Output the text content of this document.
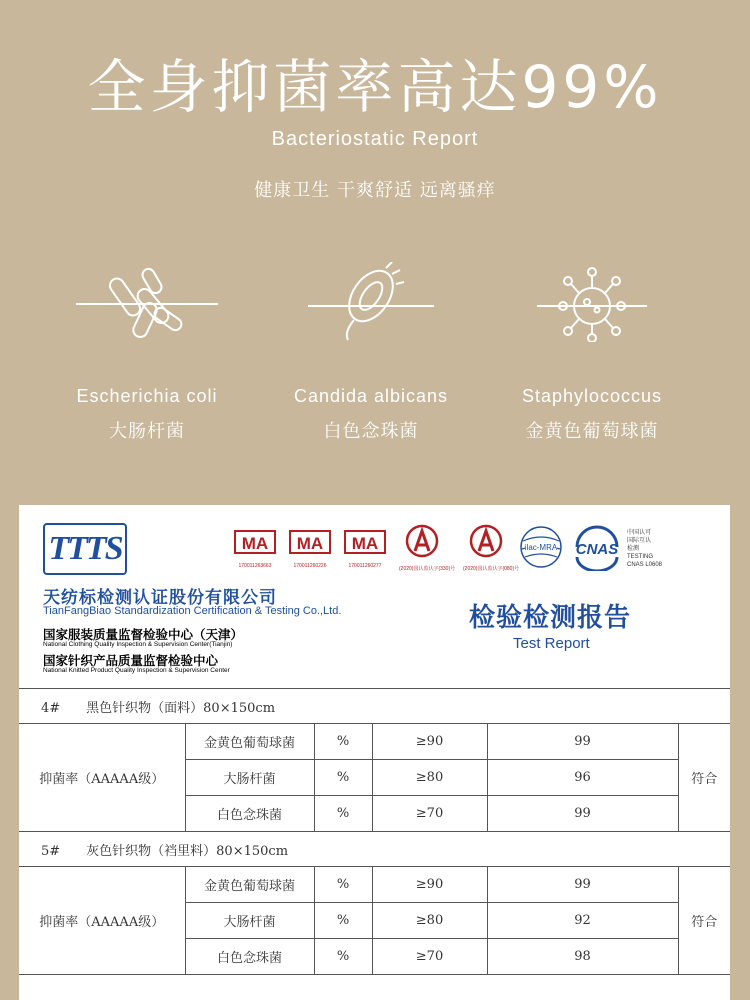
全身抑菌率高达99%
Bacteriostatic Report
健康卫生 干爽舒适 远离骚痒
Escherichia coli
大肠杆菌
Candida albicans
白色念珠菌
Staphylococcus
金黄色葡萄球菌
TTTS
天纺标检测认证股份有限公司
TianFangBiao Standardization Certification & Testing Co.,Ltd.
国家服装质量监督检验中心（天津）
National Clothing Quality Inspection & Supervision Center(Tianjin)
国家针织产品质量监督检验中心
National Knitted Product Quality Inspection & Supervision Center
检验检测报告
Test Report
MA
170011263663
MA
170011260226
MA
170011260277	(2020)国认监认字(330)号 (2020)国认监认字(080)号
ilac-MRA CNAS
中国认可
国际互认
检测
TESTING
CNAS L0608
4#　　黑色针织物（面料）80×150cm					
抑菌率（AAAAA级）	金黄色葡萄球菌	%	≥90	99	符合
	大肠杆菌	%	≥80	96	
	白色念珠菌	%	≥70	99	
5#　　灰色针织物（裆里料）80×150cm					
抑菌率（AAAAA级）	金黄色葡萄球菌	%	≥90	99	符合
	大肠杆菌	%	≥80	92	
	白色念珠菌	%	≥70	98	
